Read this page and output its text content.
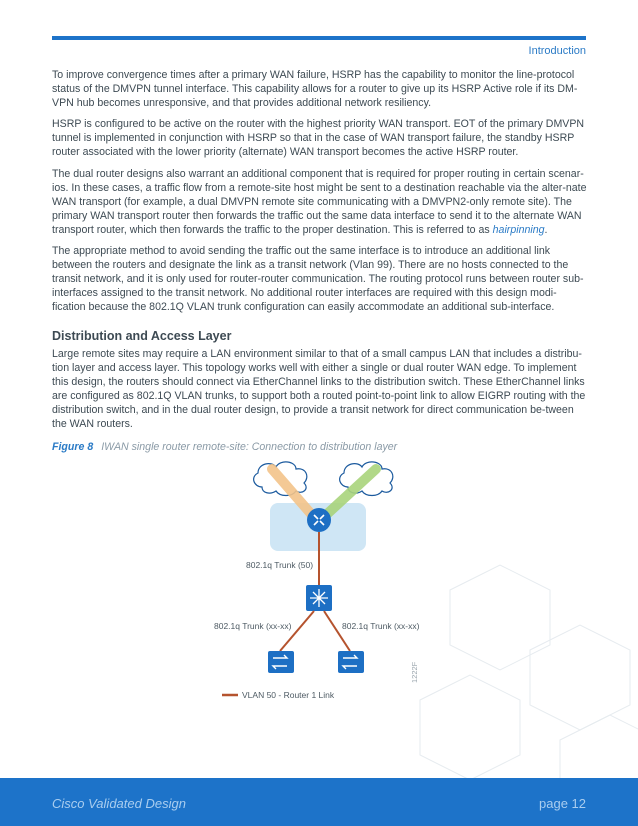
Introduction

To improve convergence times after a primary WAN failure, HSRP has the capability to monitor the line-protocol status of the DMVPN tunnel interface. This capability allows for a router to give up its HSRP Active role if its DM-VPN hub becomes unresponsive, and that provides additional network resiliency.

HSRP is configured to be active on the router with the highest priority WAN transport. EOT of the primary DMVPN tunnel is implemented in conjunction with HSRP so that in the case of WAN transport failure, the standby HSRP router associated with the lower priority (alternate) WAN transport becomes the active HSRP router.

The dual router designs also warrant an additional component that is required for proper routing in certain scenar-ios. In these cases, a traffic flow from a remote-site host might be sent to a destination reachable via the alter-nate WAN transport (for example, a dual DMVPN remote site communicating with a DMVPN2-only remote site). The primary WAN transport router then forwards the traffic out the same data interface to send it to the alternate WAN transport router, which then forwards the traffic to the proper destination. This is referred to as hairpinning.

The appropriate method to avoid sending the traffic out the same interface is to introduce an additional link between the routers and designate the link as a transit network (Vlan 99). There are no hosts connected to the transit network, and it is only used for router-router communication. The routing protocol runs between router sub-interfaces assigned to the transit network. No additional router interfaces are required with this design modi-fication because the 802.1Q VLAN trunk configuration can easily accommodate an additional sub-interface.

Distribution and Access Layer

Large remote sites may require a LAN environment similar to that of a small campus LAN that includes a distribu-tion layer and access layer. This topology works well with either a single or dual router WAN edge. To implement this design, the routers should connect via EtherChannel links to the distribution switch. These EtherChannel links are configured as 802.1Q VLAN trunks, to support both a routed point-to-point link to allow EIGRP routing with the distribution switch, and in the dual router design, to provide a transit network for direct communication be-tween the WAN routers.

Figure 8 IWAN single router remote-site: Connection to distribution layer
802.1q Trunk (50)
802.1q Trunk (xx-xx)	802.1q Trunk (xx-xx)
VLAN 50 - Router 1 Link
1222F
Cisco Validated Design	page 12
